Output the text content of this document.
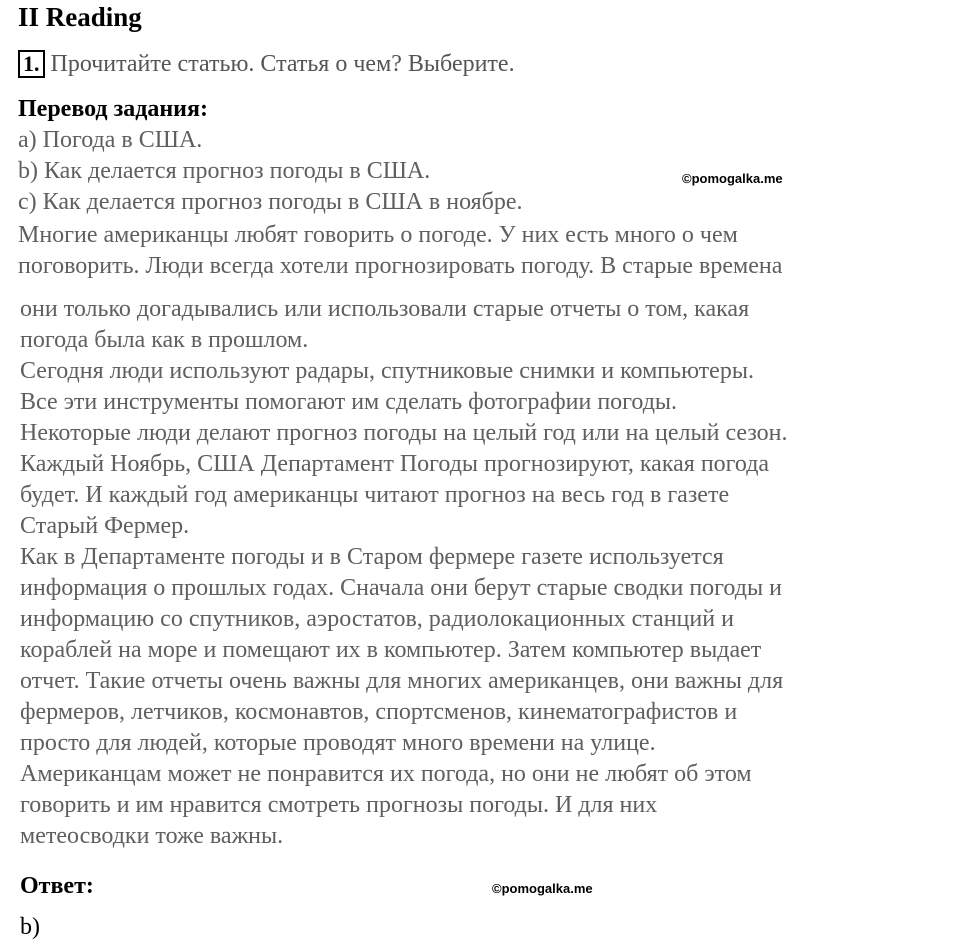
II Reading
1. Прочитайте статью. Статья о чем? Выберите.
Перевод задания:
a) Погода в США.
b) Как делается прогноз погоды в США.
c) Как делается прогноз погоды в США в ноябре.
©pomogalka.me
Многие американцы любят говорить о погоде. У них есть много о чем
поговорить. Люди всегда хотели прогнозировать погоду. В старые времена
они только догадывались или использовали старые отчеты о том, какая
погода была как в прошлом.
Сегодня люди используют радары, спутниковые снимки и компьютеры.
Все эти инструменты помогают им сделать фотографии погоды.
Некоторые люди делают прогноз погоды на целый год или на целый сезон.
Каждый Ноябрь, США Департамент Погоды прогнозируют, какая погода
будет. И каждый год американцы читают прогноз на весь год в газете
Старый Фермер.
Как в Департаменте погоды и в Старом фермере газете используется
информация о прошлых годах. Сначала они берут старые сводки погоды и
информацию со спутников, аэростатов, радиолокационных станций и
кораблей на море и помещают их в компьютер. Затем компьютер выдает
отчет. Такие отчеты очень важны для многих американцев, они важны для
фермеров, летчиков, космонавтов, спортсменов, кинематографистов и
просто для людей, которые проводят много времени на улице.
Американцам может не понравится их погода, но они не любят об этом
говорить и им нравится смотреть прогнозы погоды. И для них
метеосводки тоже важны.
Ответ:	©pomogalka.me
b)
